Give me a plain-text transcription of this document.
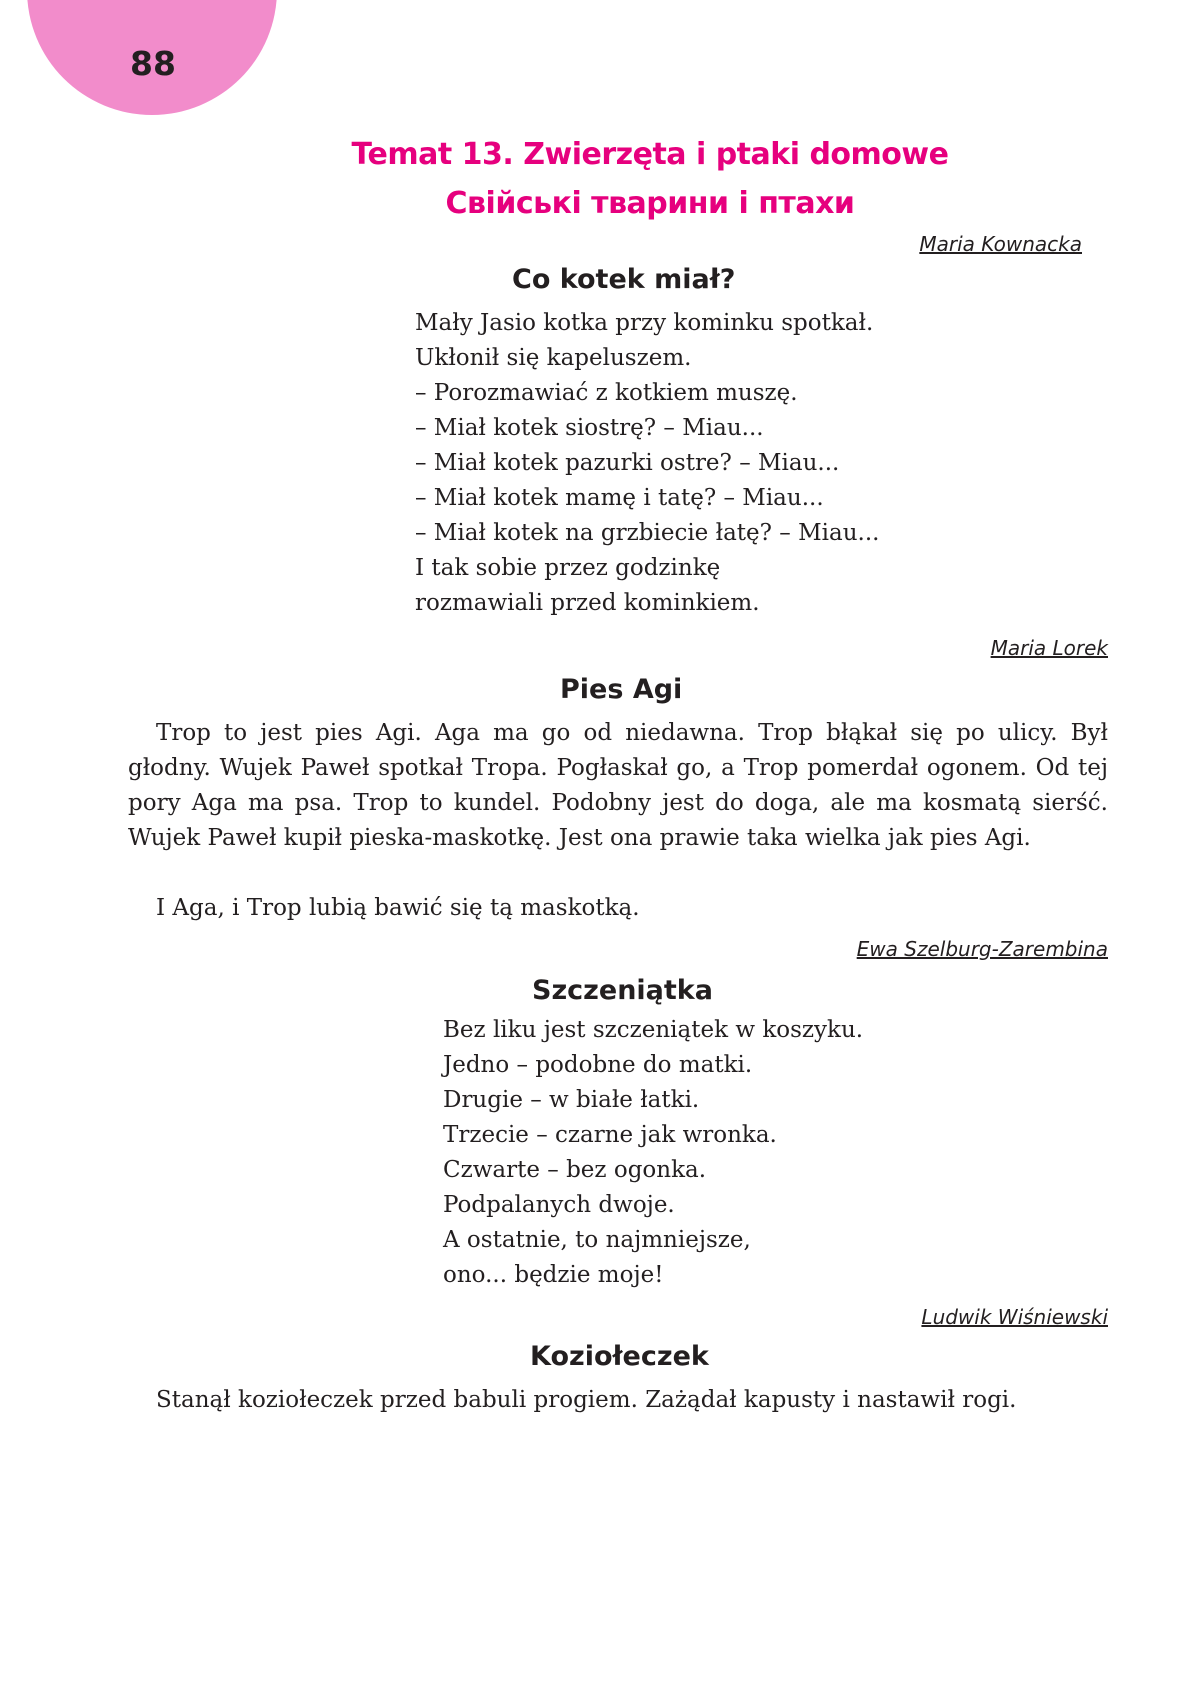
88
Temat 13. Zwierzęta i ptaki domowe
Свійські тварини і птахи
Maria Kownacka
Co kotek miał?
Mały Jasio kotka przy kominku spotkał.
Ukłonił się kapeluszem.
– Porozmawiać z kotkiem muszę.
– Miał kotek siostrę? – Miau...
– Miał kotek pazurki ostre? – Miau...
– Miał kotek mamę i tatę? – Miau...
– Miał kotek na grzbiecie łatę? – Miau...
I tak sobie przez godzinkę
rozmawiali przed kominkiem.
Maria Lorek
Pies Agi

Trop to jest pies Agi. Aga ma go od niedawna. Trop błąkał się po ulicy. Był głodny. Wujek Paweł spotkał Tropa. Pogłaskał go, a Trop pomerdał ogonem. Od tej pory Aga ma psa. Trop to kundel. Podobny jest do doga, ale ma kosmatą sierść. Wujek Paweł kupił pieska-maskotkę. Jest ona prawie taka wielka jak pies Agi.

I Aga, i Trop lubią bawić się tą maskotką.

Ewa Szelburg-Zarembina
Szczeniątka
Bez liku jest szczeniątek w koszyku.
Jedno – podobne do matki.
Drugie – w białe łatki.
Trzecie – czarne jak wronka.
Czwarte – bez ogonka.
Podpalanych dwoje.
A ostatnie, to najmniejsze,
ono... będzie moje!
Ludwik Wiśniewski
Koziołeczek

Stanął koziołeczek przed babuli progiem. Zażądał kapusty i nastawił rogi.
